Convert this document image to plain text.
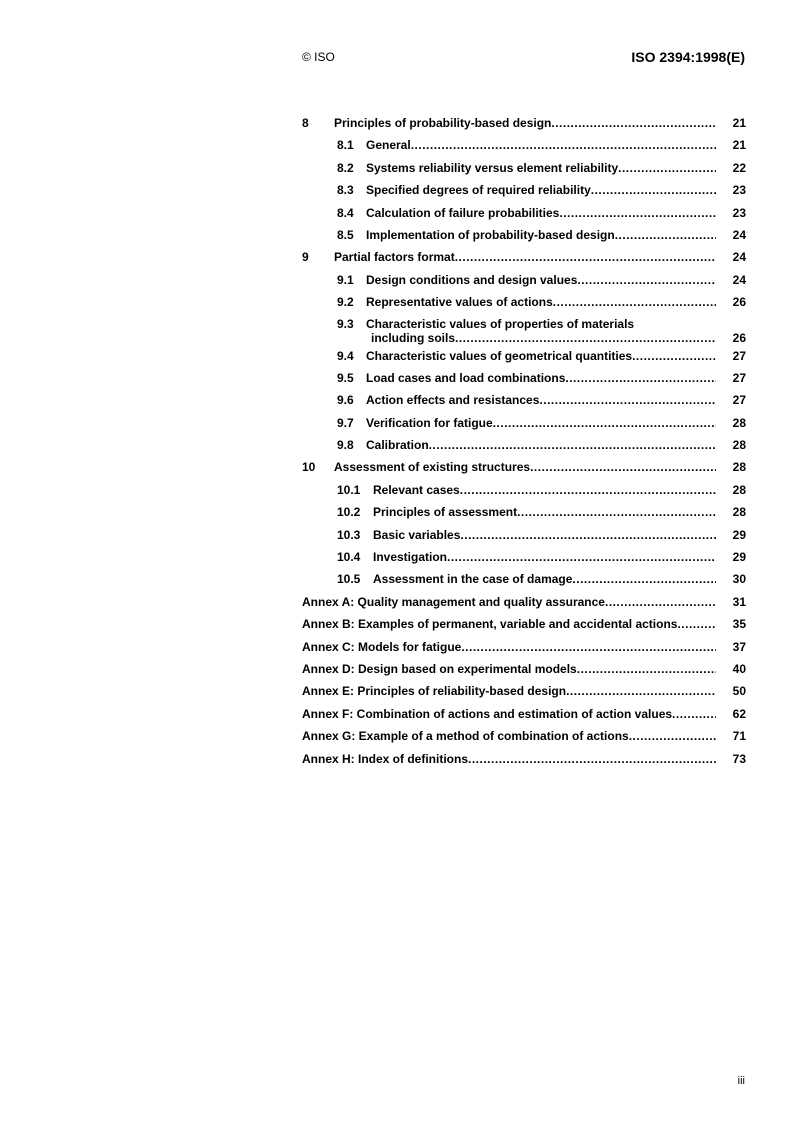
© ISO	ISO 2394:1998(E)
8 Principles of probability-based design .....	21
8.1 General .....	21
8.2 Systems reliability versus element reliability .....	22
8.3 Specified degrees of required reliability .....	23
8.4 Calculation of failure probabilities .....	23
8.5 Implementation of probability-based design .....	24
9 Partial factors format .....	24
9.1 Design conditions and design values .....	24
9.2 Representative values of actions .....	26
9.3 Characteristic values of properties of materials
including soils .....	26
9.4 Characteristic values of geometrical quantities .....	27
9.5 Load cases and load combinations .....	27
9.6 Action effects and resistances .....	27
9.7 Verification for fatigue .....	28
9.8 Calibration .....	28
10 Assessment of existing structures .....	28
10.1 Relevant cases .....	28
10.2 Principles of assessment .....	28
10.3 Basic variables .....	29
10.4 Investigation .....	29
10.5 Assessment in the case of damage .....	30
Annex A: Quality management and quality assurance .....	31
Annex B: Examples of permanent, variable and accidental actions .....	35
Annex C: Models for fatigue .....	37
Annex D: Design based on experimental models .....	40
Annex E: Principles of reliability-based design .....	50
Annex F: Combination of actions and estimation of action values .....	62
Annex G: Example of a method of combination of actions .....	71
Annex H: Index of definitions .....	73
iii
